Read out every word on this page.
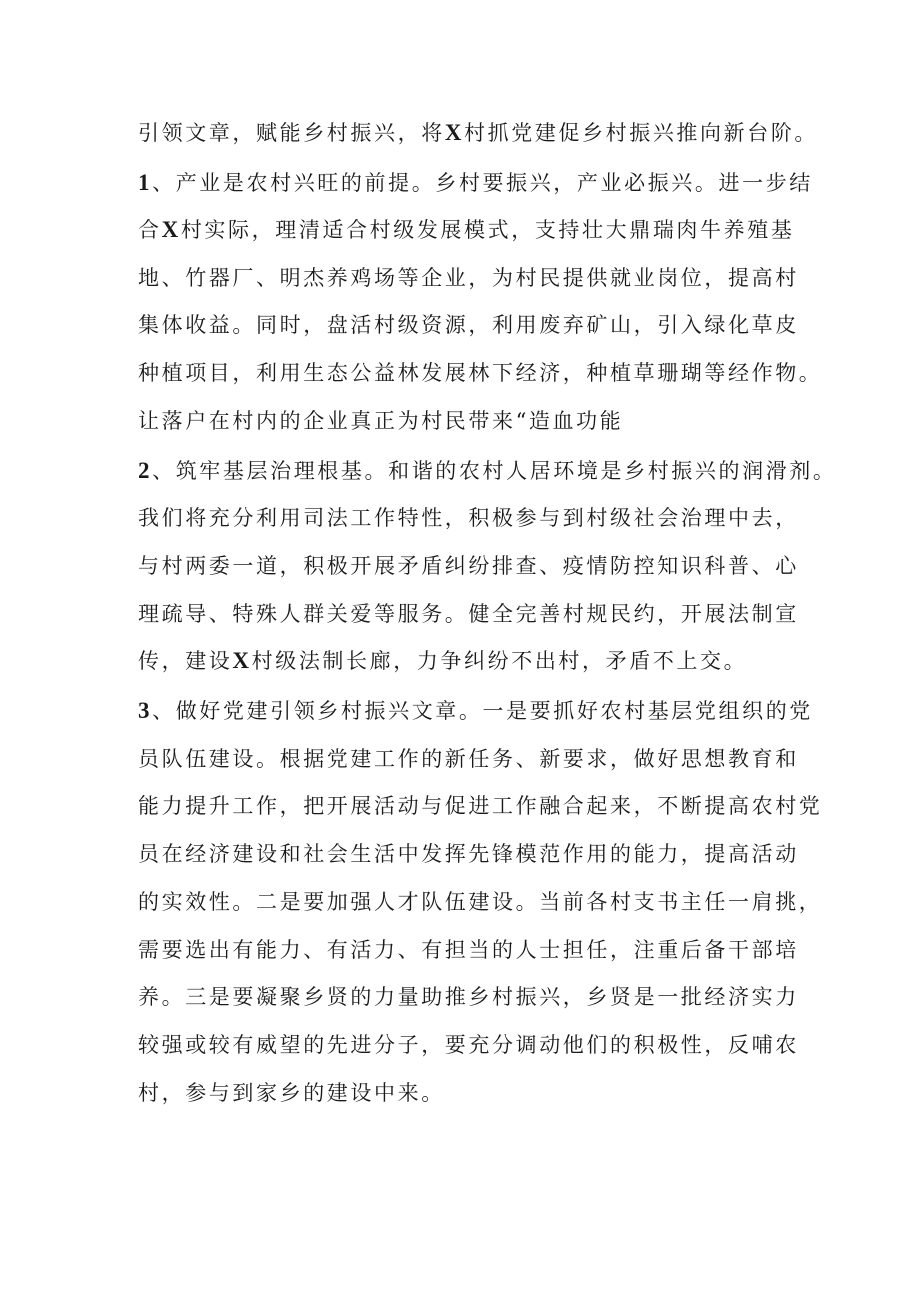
引领文章，赋能乡村振兴，将X村抓党建促乡村振兴推向新台阶。
1、产业是农村兴旺的前提。乡村要振兴，产业必振兴。进一步结
合X村实际，理清适合村级发展模式，支持壮大鼎瑞肉牛养殖基
地、竹器厂、明杰养鸡场等企业，为村民提供就业岗位，提高村
集体收益。同时，盘活村级资源，利用废弃矿山，引入绿化草皮
种植项目，利用生态公益林发展林下经济，种植草珊瑚等经作物。
让落户在村内的企业真正为村民带来“造血功能
2、筑牢基层治理根基。和谐的农村人居环境是乡村振兴的润滑剂。
我们将充分利用司法工作特性，积极参与到村级社会治理中去，
与村两委一道，积极开展矛盾纠纷排查、疫情防控知识科普、心
理疏导、特殊人群关爱等服务。健全完善村规民约，开展法制宣
传，建设X村级法制长廊，力争纠纷不出村，矛盾不上交。
3、做好党建引领乡村振兴文章。一是要抓好农村基层党组织的党
员队伍建设。根据党建工作的新任务、新要求，做好思想教育和
能力提升工作，把开展活动与促进工作融合起来，不断提高农村党
员在经济建设和社会生活中发挥先锋模范作用的能力，提高活动
的实效性。二是要加强人才队伍建设。当前各村支书主任一肩挑，
需要选出有能力、有活力、有担当的人士担任，注重后备干部培
养。三是要凝聚乡贤的力量助推乡村振兴，乡贤是一批经济实力
较强或较有威望的先进分子，要充分调动他们的积极性，反哺农
村，参与到家乡的建设中来。
